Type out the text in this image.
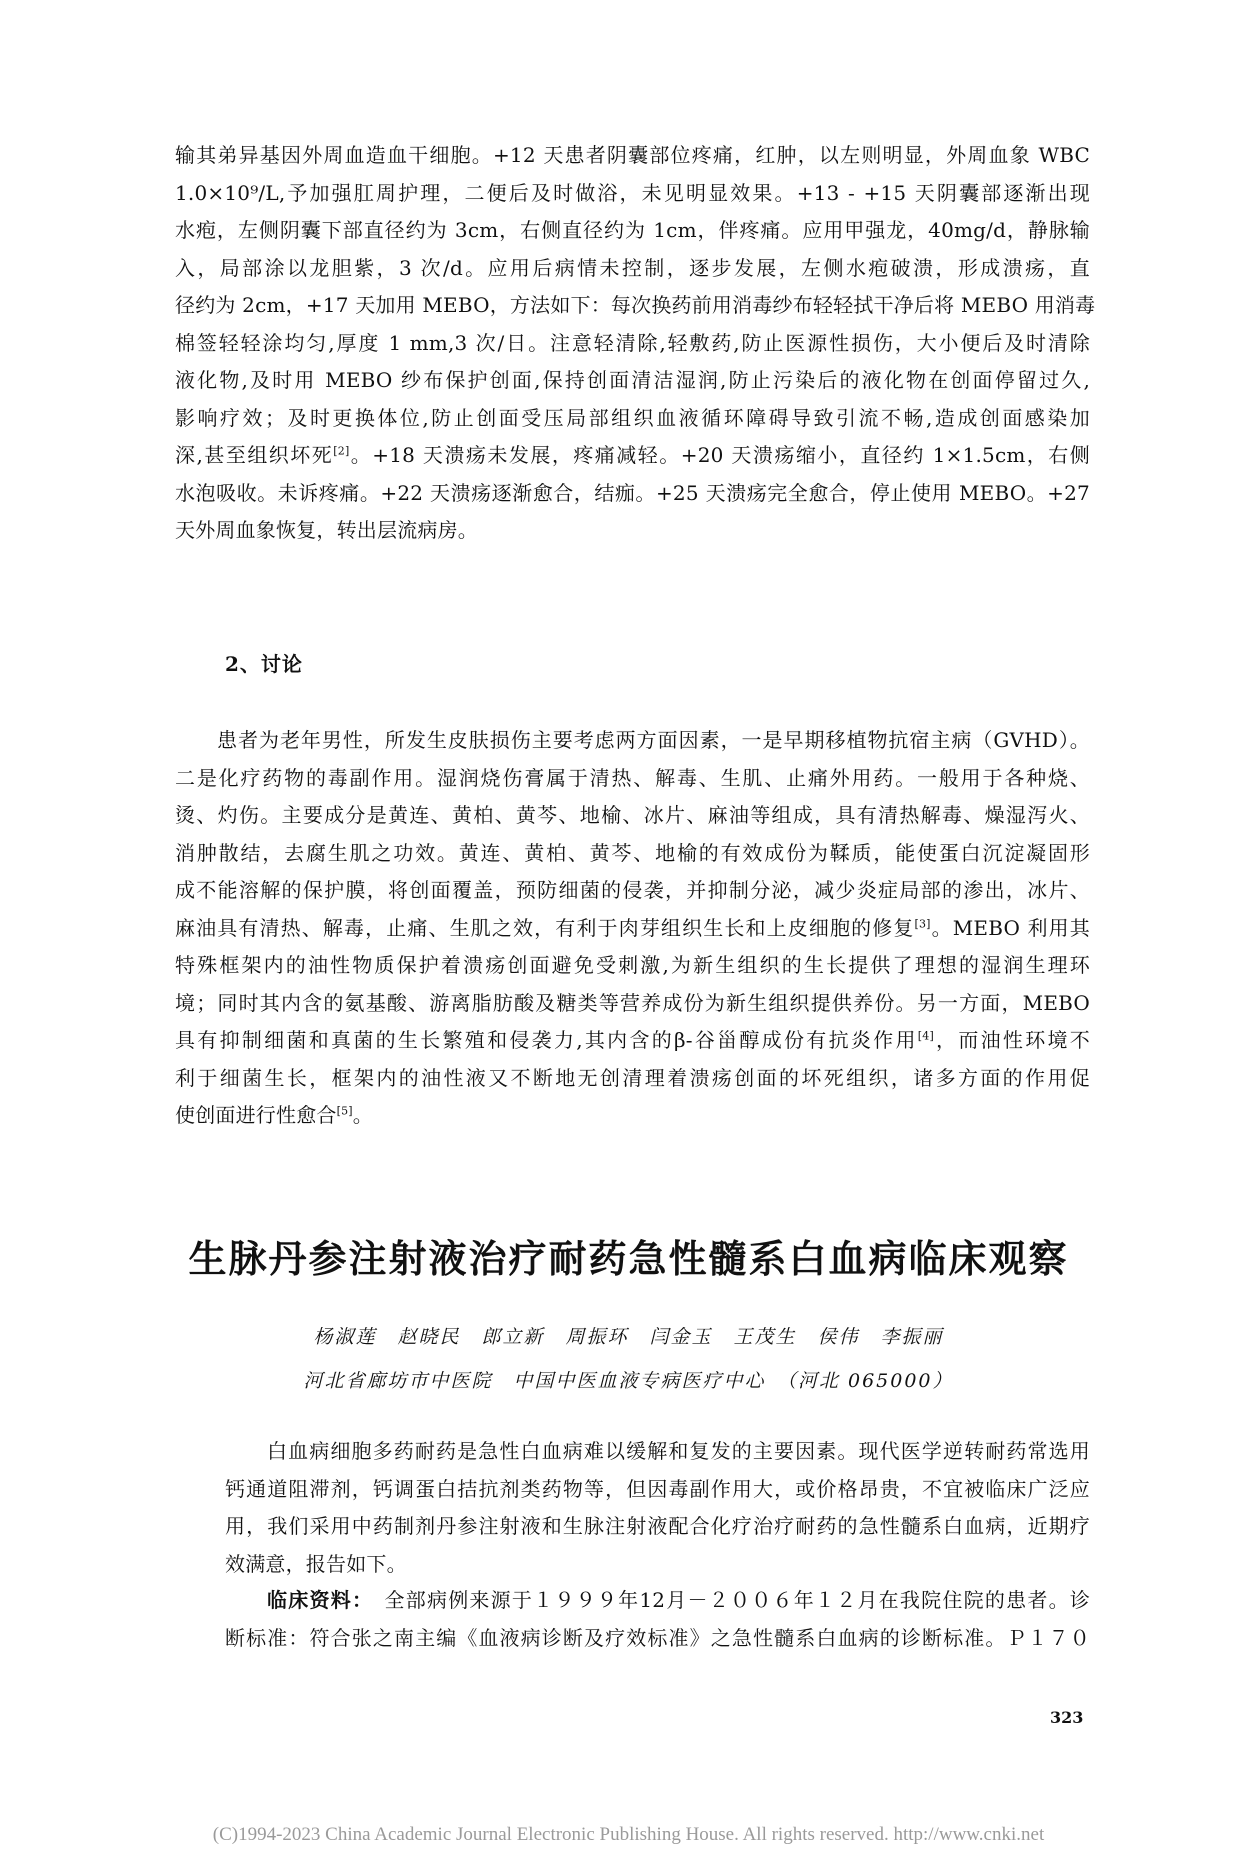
输其弟异基因外周血造血干细胞。+12 天患者阴囊部位疼痛，红肿，以左则明显，外周血象 WBC
1.0×10⁹/L,予加强肛周护理，二便后及时做浴，未见明显效果。+13 - +15 天阴囊部逐渐出现
水疱，左侧阴囊下部直径约为 3cm，右侧直径约为 1cm，伴疼痛。应用甲强龙，40mg/d，静脉输
入，局部涂以龙胆紫，3 次/d。应用后病情未控制，逐步发展，左侧水疱破溃，形成溃疡，直
径约为 2cm，+17 天加用 MEBO，方法如下：每次换药前用消毒纱布轻轻拭干净后将 MEBO 用消毒
棉签轻轻涂均匀,厚度 1 mm,3 次/日。注意轻清除,轻敷药,防止医源性损伤，大小便后及时清除
液化物,及时用 MEBO 纱布保护创面,保持创面清洁湿润,防止污染后的液化物在创面停留过久,
影响疗效；及时更换体位,防止创面受压局部组织血液循环障碍导致引流不畅,造成创面感染加
深,甚至组织坏死[2]。+18 天溃疡未发展，疼痛减轻。+20 天溃疡缩小，直径约 1×1.5cm，右侧
水泡吸收。未诉疼痛。+22 天溃疡逐渐愈合，结痂。+25 天溃疡完全愈合，停止使用 MEBO。+27
天外周血象恢复，转出层流病房。

2、讨论

患者为老年男性，所发生皮肤损伤主要考虑两方面因素，一是早期移植物抗宿主病（GVHD）。
二是化疗药物的毒副作用。湿润烧伤膏属于清热、解毒、生肌、止痛外用药。一般用于各种烧、
烫、灼伤。主要成分是黄连、黄柏、黄芩、地榆、冰片、麻油等组成，具有清热解毒、燥湿泻火、
消肿散结，去腐生肌之功效。黄连、黄柏、黄芩、地榆的有效成份为鞣质，能使蛋白沉淀凝固形
成不能溶解的保护膜，将创面覆盖，预防细菌的侵袭，并抑制分泌，减少炎症局部的渗出，冰片、
麻油具有清热、解毒，止痛、生肌之效，有利于肉芽组织生长和上皮细胞的修复[3]。MEBO 利用其
特殊框架内的油性物质保护着溃疡创面避免受刺激,为新生组织的生长提供了理想的湿润生理环
境；同时其内含的氨基酸、游离脂肪酸及糖类等营养成份为新生组织提供养份。另一方面，MEBO
具有抑制细菌和真菌的生长繁殖和侵袭力,其内含的β-谷甾醇成份有抗炎作用[4]，而油性环境不
利于细菌生长，框架内的油性液又不断地无创清理着溃疡创面的坏死组织，诸多方面的作用促
使创面进行性愈合[5]。

生脉丹参注射液治疗耐药急性髓系白血病临床观察
杨淑莲　赵晓民　郎立新　周振环　闫金玉　王茂生　侯伟　李振丽
河北省廊坊市中医院　中国中医血液专病医疗中心　（河北 065000）

白血病细胞多药耐药是急性白血病难以缓解和复发的主要因素。现代医学逆转耐药常选用
钙通道阻滞剂，钙调蛋白拮抗剂类药物等，但因毒副作用大，或价格昂贵，不宜被临床广泛应
用，我们采用中药制剂丹参注射液和生脉注射液配合化疗治疗耐药的急性髓系白血病，近期疗
效满意，报告如下。

临床资料：　 全部病例来源于１９９９年12月－２００６年１２月在我院住院的患者。诊
断标准：符合张之南主编《血液病诊断及疗效标准》之急性髓系白血病的诊断标准。Ｐ１７０

323
(C)1994-2023 China Academic Journal Electronic Publishing House. All rights reserved. http://www.cnki.net
